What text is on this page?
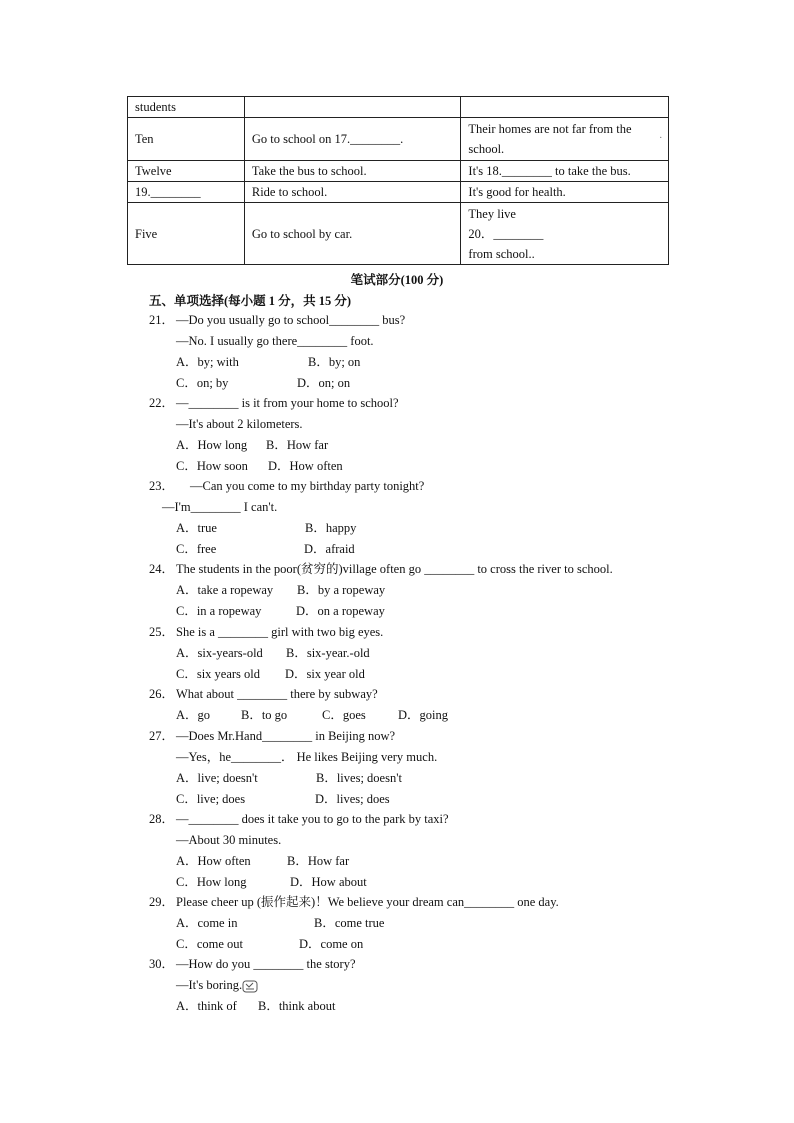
students		
Ten	Go to school on 17.________.	Their homes are not far from the
school.
.

Twelve	Take the bus to school.	It's 18.________ to take the bus.
19.________	Ride to school.	It's good for health.
Five	Go to school by car.	They live
20．________
from school..
笔试部分(100 分)
五、单项选择(每小题 1 分，共 15 分)
21． —Do you usually go to school________ bus?
—No. I usually go there________ foot.
A．by; with	B．by; on
C．on; by	D．on; on
22． —________ is it from your home to school?
—It's about 2 kilometers.
A．How long B．How far
C．How soon D．How often
23． —Can you come to my birthday party tonight?
—I'm________ I can't.
A．true	B．happy
C．free	D．afraid
24． The students in the poor(贫穷的)village often go ________ to cross the river to school.
A．take a ropeway B．by a ropeway
C．in a ropeway	D．on a ropeway
25． She is a ________ girl with two big eyes.
A．six-years-old B．six-year.-old
C．six years old D．six year old
26． What about ________ there by subway?
A．go B．to go	C．goes	D．going
27． —Does Mr.Hand________ in Beijing now?
—Yes，he________． He likes Beijing very much.
A．live; doesn't	B．lives; doesn't
C．live; does	D．lives; does
28． —________ does it take you to go to the park by taxi?
—About 30 minutes.
A．How often	B．How far
C．How long	D．How about
29． Please cheer up (振作起来)！We believe your dream can________ one day.
A．come in	B．come true
C．come out	D．come on
30． —How do you ________ the story?
—It's boring.
A．think of B．think about
